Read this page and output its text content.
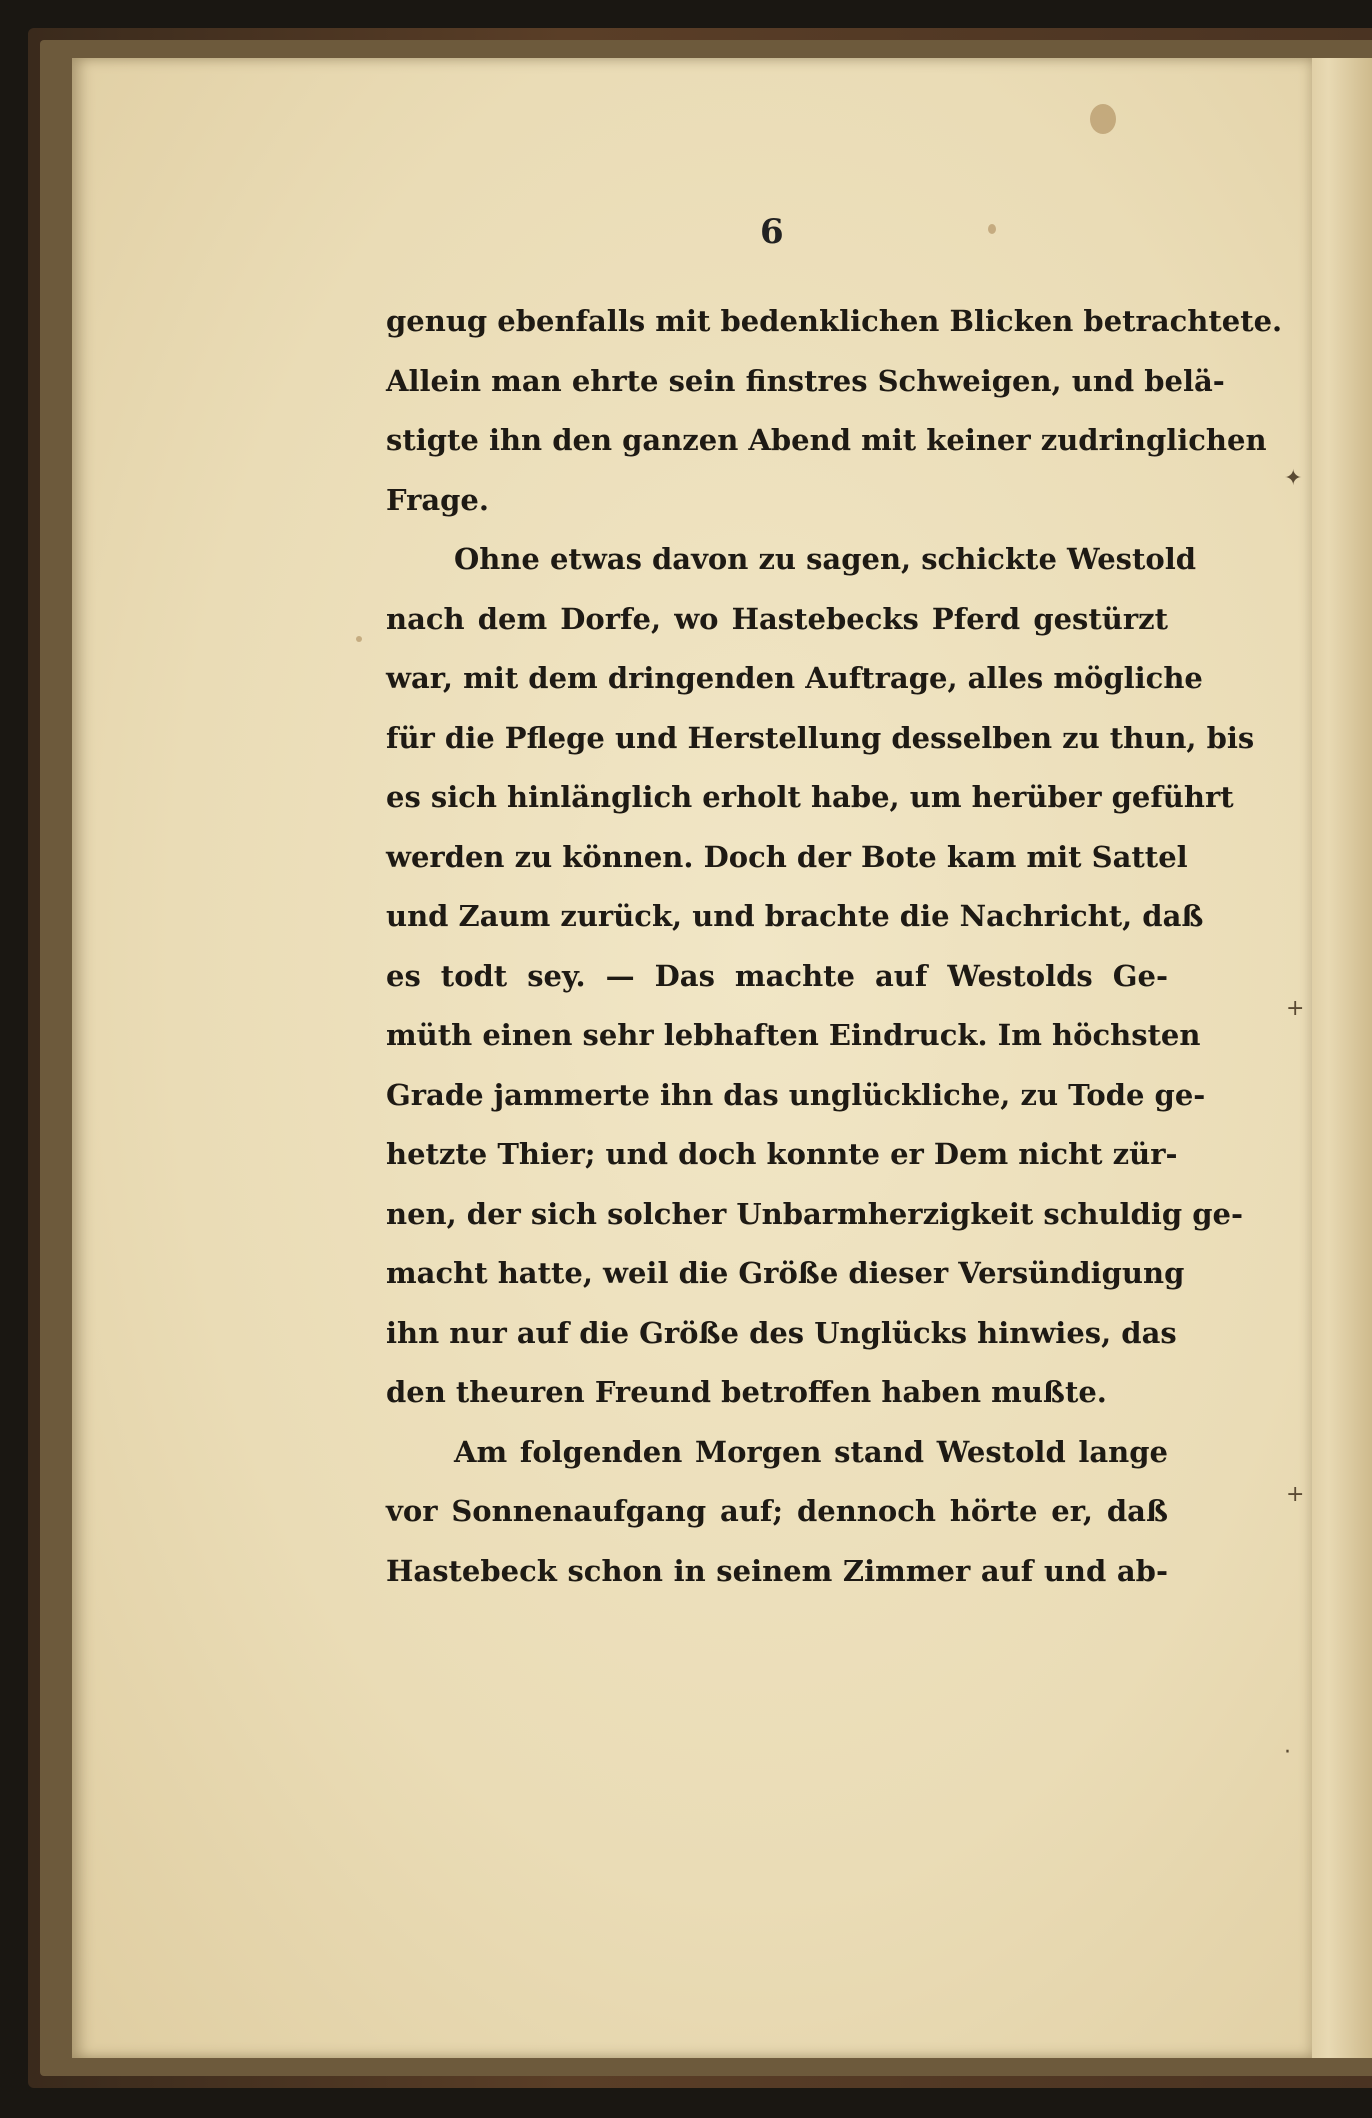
✦
+
+
·
6
genug ebenfalls mit bedenklichen Blicken betrachtete.
Allein man ehrte sein finstres Schweigen, und belä-
stigte ihn den ganzen Abend mit keiner zudringlichen
Frage.
Ohne etwas davon zu sagen, schickte Westold
nach dem Dorfe, wo Hastebecks Pferd gestürzt
war, mit dem dringenden Auftrage, alles mögliche
für die Pflege und Herstellung desselben zu thun, bis
es sich hinlänglich erholt habe, um herüber geführt
werden zu können. Doch der Bote kam mit Sattel
und Zaum zurück, und brachte die Nachricht, daß
es todt sey. — Das machte auf Westolds Ge-
müth einen sehr lebhaften Eindruck. Im höchsten
Grade jammerte ihn das unglückliche, zu Tode ge-
hetzte Thier; und doch konnte er Dem nicht zür-
nen, der sich solcher Unbarmherzigkeit schuldig ge-
macht hatte, weil die Größe dieser Versündigung
ihn nur auf die Größe des Unglücks hinwies, das
den theuren Freund betroffen haben mußte.
Am folgenden Morgen stand Westold lange
vor Sonnenaufgang auf; dennoch hörte er, daß
Hastebeck schon in seinem Zimmer auf und ab-
